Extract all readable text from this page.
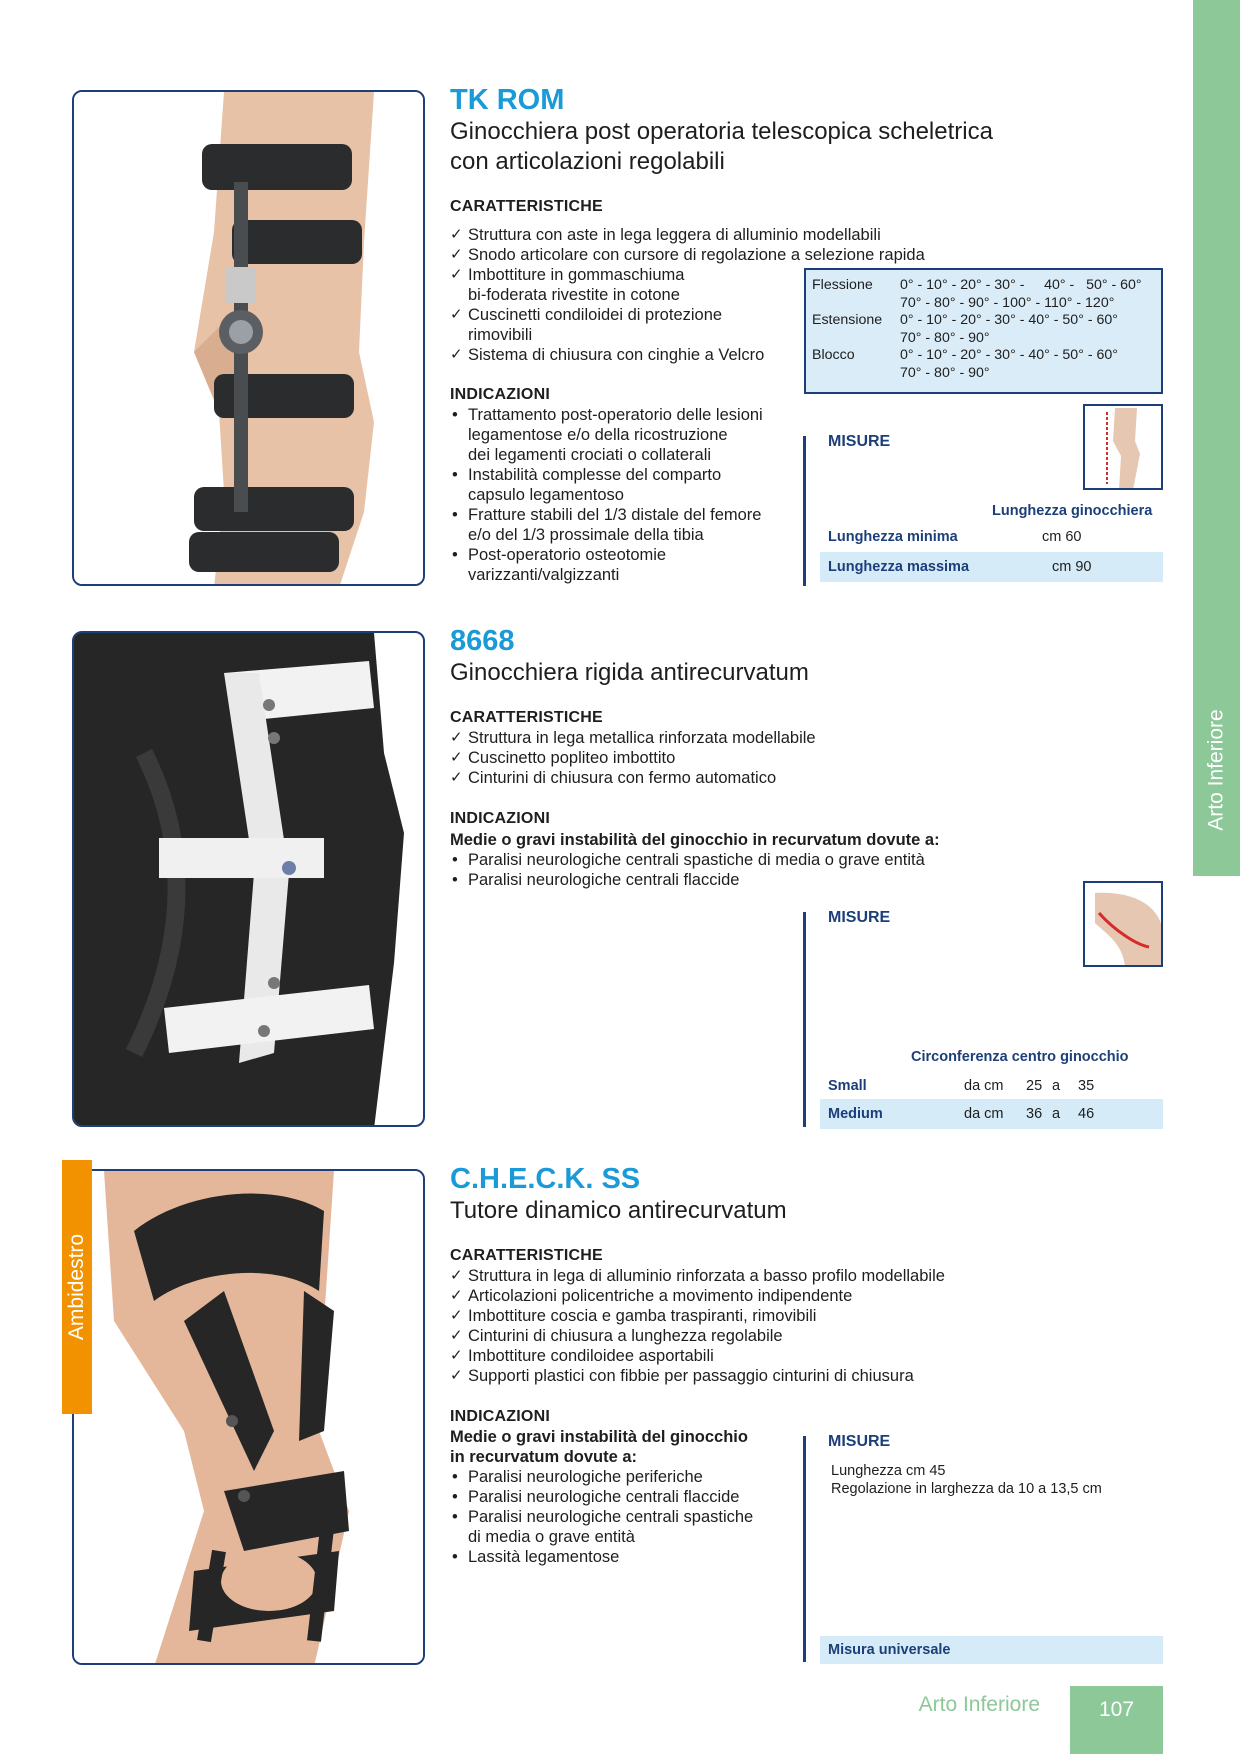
Arto Inferiore
TK ROM
Ginocchiera post operatoria telescopica scheletrica
con articolazioni regolabili
CARATTERISTICHE
✓ Struttura con aste in lega leggera di alluminio modellabili
✓ Snodo articolare con cursore di regolazione a selezione rapida
✓ Imbottiture in gommaschiuma
bi-foderata rivestite in cotone
✓ Cuscinetti condiloidei di protezione
rimovibili
✓ Sistema di chiusura con cinghie a Velcro
INDICAZIONI
• Trattamento post-operatorio delle lesioni
legamentose e/o della ricostruzione
dei legamenti crociati o collaterali
• Instabilità complesse del comparto
capsulo legamentoso
• Fratture stabili del 1/3 distale del femore
e/o del 1/3 prossimale della tibia
• Post-operatorio osteotomie
varizzanti/valgizzanti
Flessione	0° - 10° - 20° - 30° -     40° -   50° - 60°
70° - 80° - 90° - 100° - 110° - 120°
Estensione	0° - 10° - 20° - 30° - 40° - 50° - 60°
70° - 80° - 90°
Blocco	0° - 10° - 20° - 30° - 40° - 50° - 60°
70° - 80° - 90°
MISURE
Lunghezza ginocchiera
Lunghezza minima	cm 60
Lunghezza massima	cm 90
8668
Ginocchiera rigida antirecurvatum
CARATTERISTICHE
✓ Struttura in lega metallica rinforzata modellabile
✓ Cuscinetto popliteo imbottito
✓ Cinturini di chiusura con fermo automatico
INDICAZIONI
Medie o gravi instabilità del ginocchio in recurvatum dovute a:
• Paralisi neurologiche centrali spastiche di media o grave entità
• Paralisi neurologiche centrali flaccide
MISURE
Circonferenza centro ginocchio
Small	da cm	25 a	35
Medium	da cm	36 a	46
Ambidestro
C.H.E.C.K. SS
Tutore dinamico antirecurvatum
CARATTERISTICHE
✓ Struttura in lega di alluminio rinforzata a basso profilo modellabile
✓ Articolazioni policentriche a movimento indipendente
✓ Imbottiture coscia e gamba traspiranti, rimovibili
✓ Cinturini di chiusura a lunghezza regolabile
✓ Imbottiture condiloidee asportabili
✓ Supporti plastici con fibbie per passaggio cinturini di chiusura
INDICAZIONI
Medie o gravi instabilità del ginocchio
in recurvatum dovute a:
• Paralisi neurologiche periferiche
• Paralisi neurologiche centrali flaccide
• Paralisi neurologiche centrali spastiche
di media o grave entità
• Lassità legamentose
MISURE
Lunghezza cm 45
Regolazione in larghezza da 10 a 13,5 cm
Misura universale
Arto Inferiore	107
